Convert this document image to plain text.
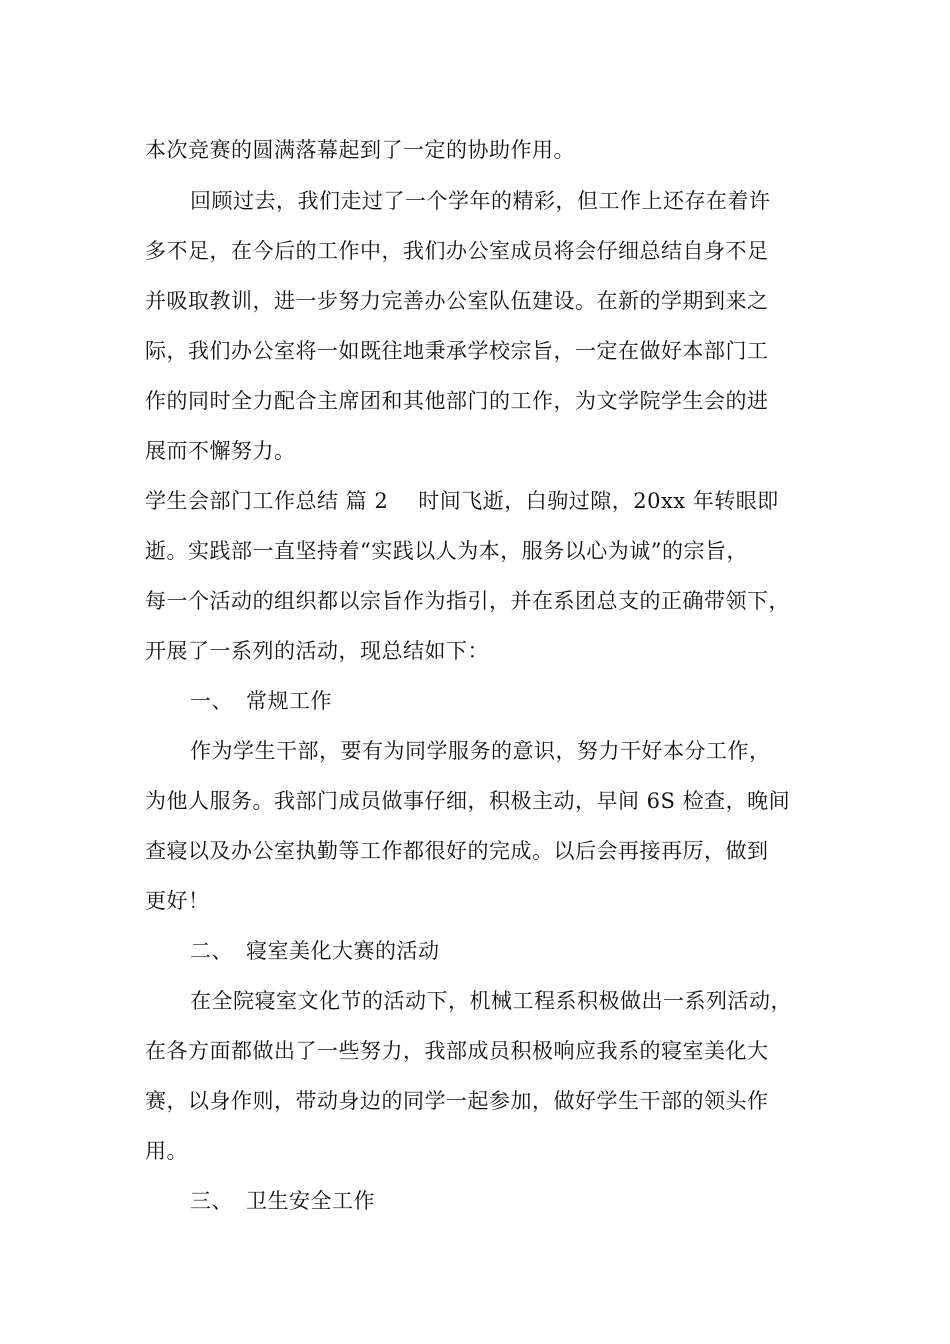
本次竞赛的圆满落幕起到了一定的协助作用。
回顾过去，我们走过了一个学年的精彩，但工作上还存在着许
多不足，在今后的工作中，我们办公室成员将会仔细总结自身不足
并吸取教训，进一步努力完善办公室队伍建设。在新的学期到来之
际，我们办公室将一如既往地秉承学校宗旨，一定在做好本部门工
作的同时全力配合主席团和其他部门的工作，为文学院学生会的进
展而不懈努力。
学生会部门工作总结 篇 2 时间飞逝，白驹过隙，20xx 年转眼即
逝。实践部一直坚持着“实践以人为本，服务以心为诚”的宗旨，
每一个活动的组织都以宗旨作为指引，并在系团总支的正确带领下，
开展了一系列的活动，现总结如下：
一、 常规工作
作为学生干部，要有为同学服务的意识，努力干好本分工作，
为他人服务。我部门成员做事仔细，积极主动，早间 6S 检查，晚间
查寝以及办公室执勤等工作都很好的完成。以后会再接再厉，做到
更好！
二、 寝室美化大赛的活动
在全院寝室文化节的活动下，机械工程系积极做出一系列活动，
在各方面都做出了一些努力，我部成员积极响应我系的寝室美化大
赛，以身作则，带动身边的同学一起参加，做好学生干部的领头作
用。
三、 卫生安全工作
